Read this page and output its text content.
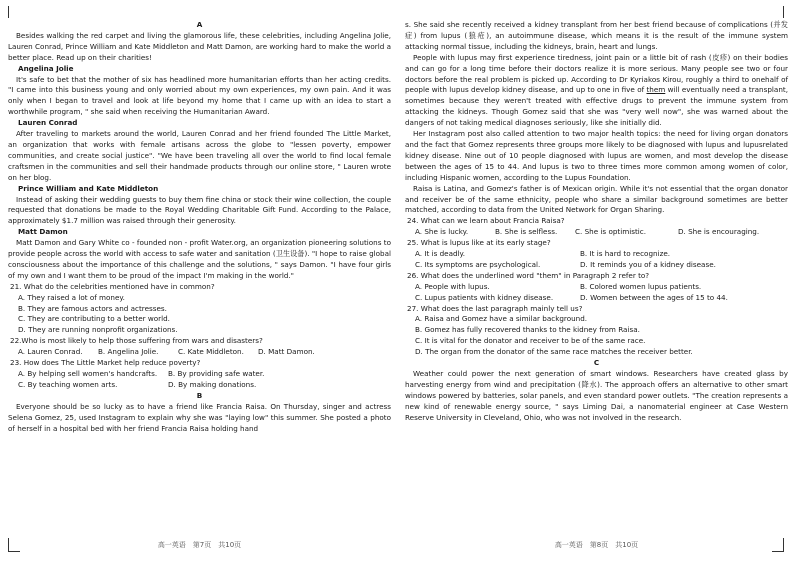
A

Besides walking the red carpet and living the glamorous life, these celebrities, including Angelina Jolie, Lauren Conrad, Prince William and Kate Middleton and Matt Damon, are working hard to make the world a better place. Read up on their charities!

Angelina Jolie

It's safe to bet that the mother of six has headlined more humanitarian efforts than her acting credits. "I came into this business young and only worried about my own experiences, my own pain. And it was only when I began to travel and look at life beyond my home that I came up with an idea to start a worthwhile program, " she said when receiving the Humanitarian Award.

Lauren Conrad

After traveling to markets around the world, Lauren Conrad and her friend founded The Little Market, an organization that works with female artisans across the globe to "lessen poverty, empower communities, and create social justice". "We have been traveling all over the world to find local female craftsmen in the communities and sell their handmade products through our online store, " Lauren wrote on her blog.

Prince William and Kate Middleton

Instead of asking their wedding guests to buy them fine china or stock their wine collection, the couple requested that donations be made to the Royal Wedding Charitable Gift Fund. According to the Palace, approximately $1.7 million was raised through their generosity.

Matt Damon

Matt Damon and Gary White co - founded non - profit Water.org, an organization pioneering solutions to provide people across the world with access to safe water and sanitation (卫生设备). "I hope to raise global consciousness about the importance of this challenge and the solutions, " says Damon. "I have four girls of my own and I want them to be proud of the impact I'm making in the world."

21. What do the celebrities mentioned have in common?

A. They raised a lot of money.

B. They are famous actors and actresses.

C. They are contributing to a better world.

D. They are running nonprofit organizations.

22.Who is most likely to help those suffering from wars and disasters?

A. Lauren Conrad. B. Angelina Jolie.	C. Kate Middleton. D. Matt Damon.

23. How does The Little Market help reduce poverty?

A. By helping sell women's handcrafts. B. By providing safe water.

C. By teaching women arts.	D. By making donations.

B

Everyone should be so lucky as to have a friend like Francia Raisa. On Thursday, singer and actress Selena Gomez, 25, used Instagram to explain why she was "laying low" this summer. She posted a photo of herself in a hospital bed with her friend Francia Raisa holding hand

s. She said she recently received a kidney transplant from her best friend because of complications (并发症) from lupus (狼疮), an autoimmune disease, which means it is the result of the immune system attacking normal tissue, including the kidneys, brain, heart and lungs.

People with lupus may first experience tiredness, joint pain or a little bit of rash (皮疹) on their bodies and can go for a long time before their doctors realize it is more serious. Many people see two or four doctors before the real problem is picked up. According to Dr Kyriakos Kirou, roughly a third to onehalf of people with lupus develop kidney disease, and up to one in five of them will eventually need a transplant, sometimes because they weren't treated with effective drugs to prevent the immune system from attacking the kidneys. Though Gomez said that she was "very well now", she was warned about the dangers of not taking medical diagnoses seriously, like she initially did.

Her Instagram post also called attention to two major health topics: the need for living organ donators and the fact that Gomez represents three groups more likely to be diagnosed with lupus and lupusrelated kidney disease. Nine out of 10 people diagnosed with lupus are women, and most develop the disease between the ages of 15 to 44. And lupus is two to three times more common among women of color, including Hispanic women, according to the Lupus Foundation.

Raisa is Latina, and Gomez's father is of Mexican origin. While it's not essential that the organ donator and receiver be of the same ethnicity, people who share a similar background sometimes are better matched, according to data from the United Network for Organ Sharing.

24. What can we learn about Francia Raisa?

A. She is lucky.	B. She is selfless. C. She is optimistic.	D. She is encouraging.

25. What is lupus like at its early stage?

A. It is deadly.	B. It is hard to recognize.

C. Its symptoms are psychological.	D. It reminds you of a kidney disease.

26. What does the underlined word "them" in Paragraph 2 refer to?

A. People with lupus.	B. Colored women lupus patients.

C. Lupus patients with kidney disease.	D. Women between the ages of 15 to 44.

27. What does the last paragraph mainly tell us?

A. Raisa and Gomez have a similar background.

B. Gomez has fully recovered thanks to the kidney from Raisa.

C. It is vital for the donator and receiver to be of the same race.

D. The organ from the donator of the same race matches the receiver better.

C

Weather could power the next generation of smart windows. Researchers have created glass by harvesting energy from wind and precipitation (降水). The approach offers an alternative to other smart windows powered by batteries, solar panels, and even standard power outlets. "The creation represents a new kind of renewable energy source, " says Liming Dai, a nanomaterial engineer at Case Western Reserve University in Cleveland, Ohio, who was not involved in the research.

高一英语　第7页　共10页	高一英语　第8页　共10页
